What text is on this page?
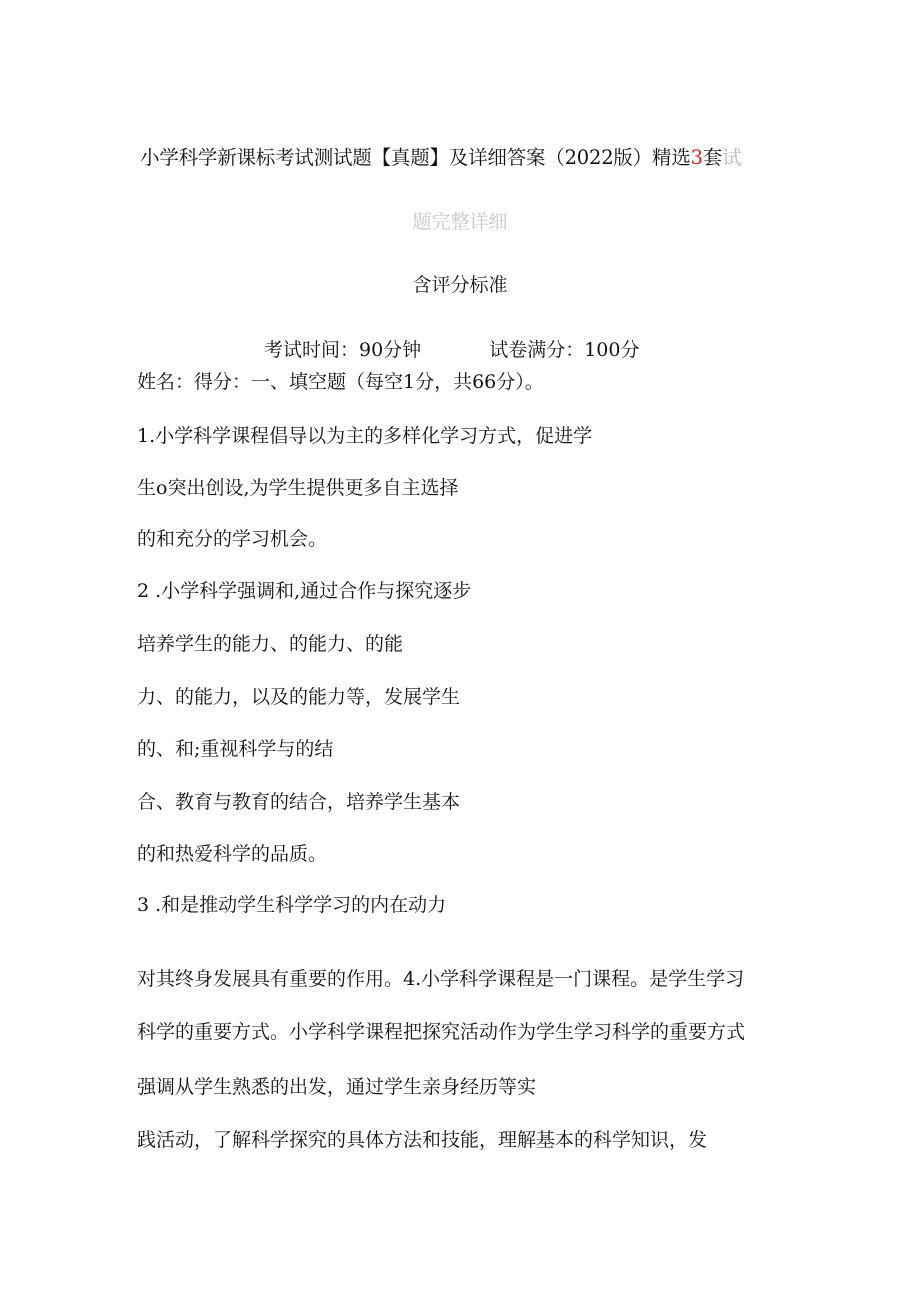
小学科学新课标考试测试题【真题】及详细答案（2022版）精选3套试
题完整详细
含评分标准
考试时间：90分钟	试卷满分：100分
姓名：得分：一、填空题（每空1分，共66分）。
1.小学科学课程倡导以为主的多样化学习方式，促进学
生o突出创设,为学生提供更多自主选择
的和充分的学习机会。
2 .小学科学强调和,通过合作与探究逐步
培养学生的能力、的能力、的能
力、的能力，以及的能力等，发展学生
的、和;重视科学与的结
合、教育与教育的结合，培养学生基本
的和热爱科学的品质。
3 .和是推动学生科学学习的内在动力
对其终身发展具有重要的作用。4.小学科学课程是一门课程。是学生学习
科学的重要方式。小学科学课程把探究活动作为学生学习科学的重要方式
强调从学生熟悉的出发，通过学生亲身经历等实
践活动，了解科学探究的具体方法和技能，理解基本的科学知识，发
